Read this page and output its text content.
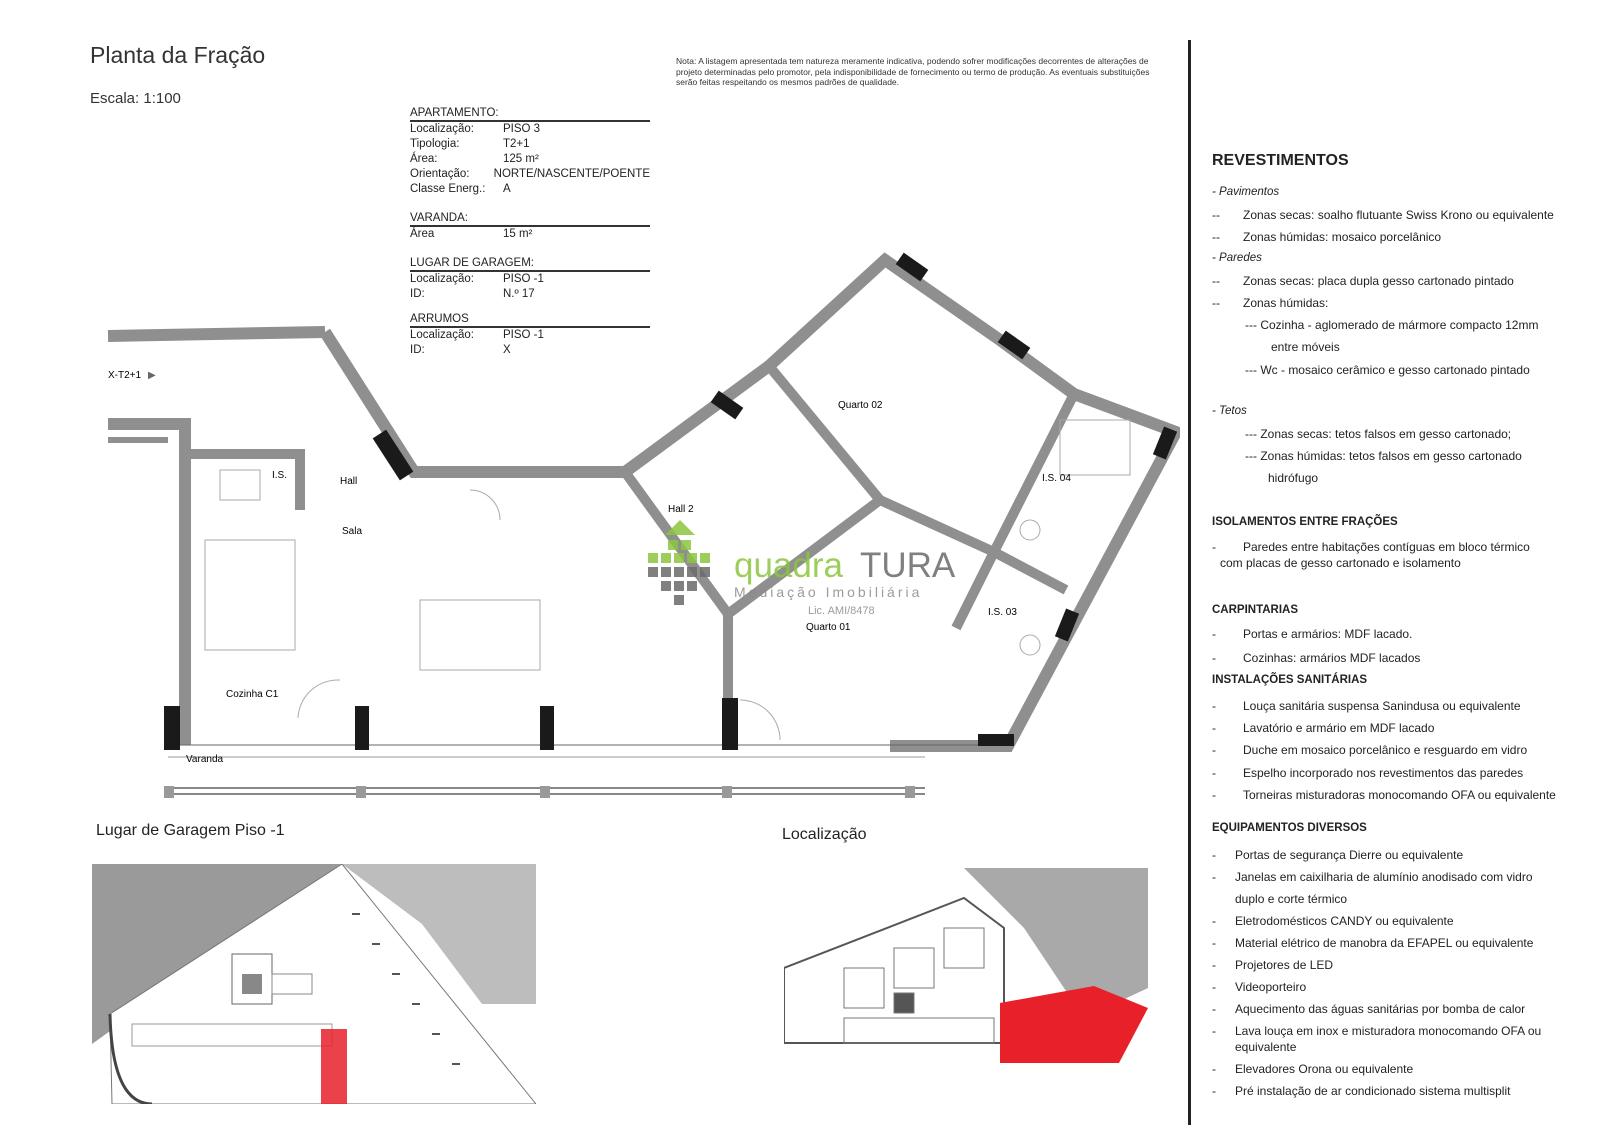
Planta da Fração
Escala: 1:100
Nota: A listagem apresentada tem natureza meramente indicativa, podendo sofrer modificações decorrentes de alterações de projeto determinadas pelo promotor, pela indisponibilidade de fornecimento ou termo de produção. As eventuais substituições serão feitas respeitando os mesmos padrões de qualidade.
APARTAMENTO:
Localização:	PISO 3
Tipologia:	T2+1
Área:	125 m²
Orientação:	NORTE/NASCENTE/POENTE
Classe Energ.:	A
VARANDA:
Área	15 m²
LUGAR DE GARAGEM:
Localização:	PISO -1
ID:	N.º 17
ARRUMOS
Localização:	PISO -1
ID:	X
X-T2+1 ▶
I.S.
Hall
Sala
Hall 2
Quarto 02
I.S. 04
I.S. 03
Quarto 01
Cozinha C1
Varanda
quadra TURA
Mediação Imobiliária
Lic. AMI/8478
Lugar de Garagem Piso -1	Localização
REVESTIMENTOS
- Pavimentos
-- Zonas secas: soalho flutuante Swiss Krono ou equivalente
-- Zonas húmidas: mosaico porcelânico
- Paredes
-- Zonas secas: placa dupla gesso cartonado pintado
-- Zonas húmidas:
--- Cozinha - aglomerado de mármore compacto 12mm
entre móveis
--- Wc - mosaico cerâmico e gesso cartonado pintado
- Tetos
--- Zonas secas: tetos falsos em gesso cartonado;
--- Zonas húmidas: tetos falsos em gesso cartonado
hidrófugo
ISOLAMENTOS ENTRE FRAÇÕES
- Paredes entre habitações contíguas em bloco térmico
com placas de gesso cartonado e isolamento
CARPINTARIAS
- Portas e armários: MDF lacado.
- Cozinhas: armários MDF lacados
INSTALAÇÕES SANITÁRIAS
- Louça sanitária suspensa Sanindusa ou equivalente
- Lavatório e armário em MDF lacado
- Duche em mosaico porcelânico e resguardo em vidro
- Espelho incorporado nos revestimentos das paredes
- Torneiras misturadoras monocomando OFA ou equivalente
EQUIPAMENTOS DIVERSOS
- Portas de segurança Dierre ou equivalente
- Janelas em caixilharia de alumínio anodisado com vidro
duplo e corte térmico
- Eletrodomésticos CANDY ou equivalente
- Material elétrico de manobra da EFAPEL ou equivalente
- Projetores de LED
- Videoporteiro
- Aquecimento das águas sanitárias por bomba de calor
- Lava louça em inox e misturadora monocomando OFA ou
equivalente
- Elevadores Orona ou equivalente
- Pré instalação de ar condicionado sistema multisplit
